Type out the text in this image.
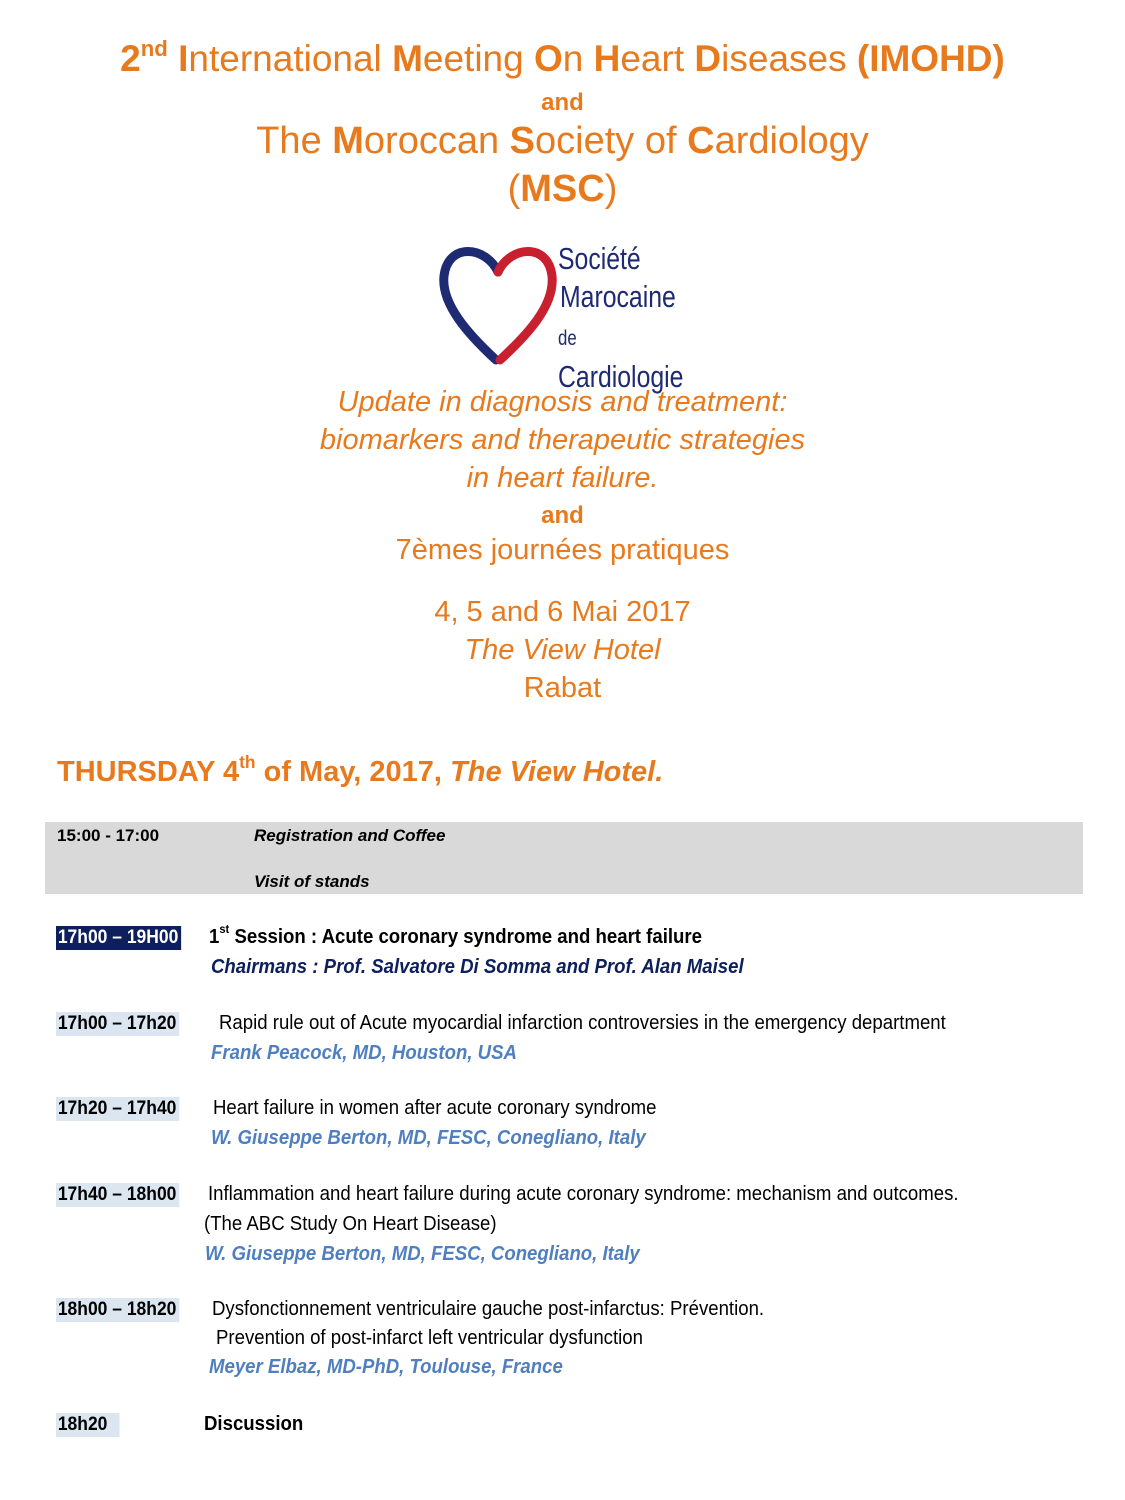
2nd International Meeting On Heart Diseases (IMOHD)
and
The Moroccan Society of Cardiology
(MSC)
Société
Marocaine
de Cardiologie
Update in diagnosis and treatment:
biomarkers and therapeutic strategies
in heart failure.
and
7èmes journées pratiques
4, 5 and 6 Mai 2017
The View Hotel
Rabat
THURSDAY 4th of May, 2017, The View Hotel.
15:00 - 17:00	Registration and Coffee
Visit of stands
17h00 – 19H00 1st Session : Acute coronary syndrome and heart failure
Chairmans : Prof. Salvatore Di Somma and Prof. Alan Maisel
17h00 – 17h20 Rapid rule out of Acute myocardial infarction controversies in the emergency department
Frank Peacock, MD, Houston, USA
17h20 – 17h40 Heart failure in women after acute coronary syndrome
W. Giuseppe Berton, MD, FESC, Conegliano, Italy
17h40 – 18h00 Inflammation and heart failure during acute coronary syndrome: mechanism and outcomes.
(The ABC Study On Heart Disease)
W. Giuseppe Berton, MD, FESC, Conegliano, Italy
18h00 – 18h20 Dysfonctionnement ventriculaire gauche post-infarctus: Prévention.
Prevention of post-infarct left ventricular dysfunction
Meyer Elbaz, MD-PhD, Toulouse, France
18h20	Discussion
